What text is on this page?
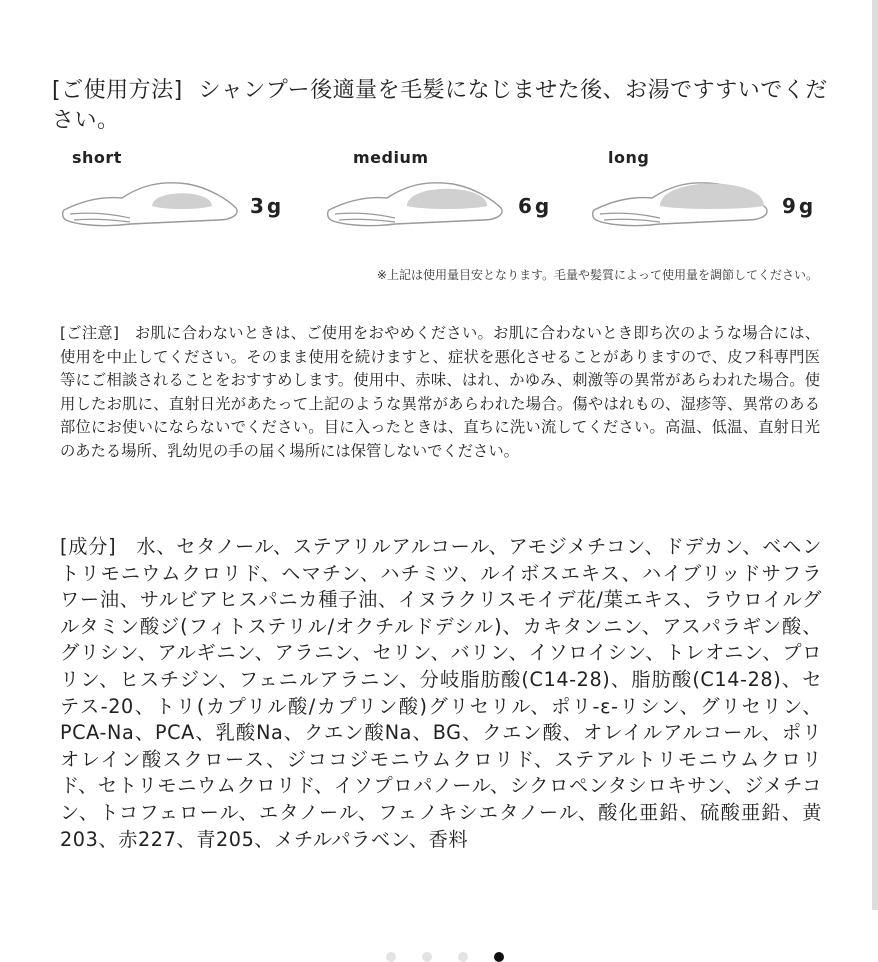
[ご使用方法] シャンプー後適量を毛髪になじませた後、お湯ですすいでください。

short
3g
medium
6g
long
9g

※上記は使用量目安となります。毛量や髪質によって使用量を調節してください。

[ご注意]　 お肌に合わないときは、ご使用をおやめください。お肌に合わないとき即ち次のような場合には、使用を中止してください。そのまま使用を続けますと、症状を悪化させることがありますので、皮フ科専門医等にご相談されることをおすすめします。使用中、赤味、はれ、かゆみ、刺激等の異常があらわれた場合。使用したお肌に、直射日光があたって上記のような異常があらわれた場合。傷やはれもの、湿疹等、異常のある部位にお使いにならないでください。目に入ったときは、直ちに洗い流してください。高温、低温、直射日光のあたる場所、乳幼児の手の届く場所には保管しないでください。

[成分]　 水、セタノール、ステアリルアルコール、アモジメチコン、ドデカン、ベヘントリモニウムクロリド、ヘマチン、ハチミツ、ルイボスエキス、ハイブリッドサフラワー油、サルビアヒスパニカ種子油、イヌラクリスモイデ花/葉エキス、ラウロイルグルタミン酸ジ(フィトステリル/オクチルドデシル)、カキタンニン、アスパラギン酸、グリシン、アルギニン、アラニン、セリン、バリン、イソロイシン、トレオニン、プロリン、ヒスチジン、フェニルアラニン、分岐脂肪酸(C14-28)、脂肪酸(C14-28)、セテス-20、トリ(カプリル酸/カプリン酸)グリセリル、ポリ-ε-リシン、グリセリン、PCA-Na、PCA、乳酸Na、クエン酸Na、BG、クエン酸、オレイルアルコール、ポリオレイン酸スクロース、ジココジモニウムクロリド、ステアルトリモニウムクロリド、セトリモニウムクロリド、イソプロパノール、シクロペンタシロキサン、ジメチコン、トコフェロール、エタノール、フェノキシエタノール、酸化亜鉛、硫酸亜鉛、黄203、赤227、青205、メチルパラベン、香料
